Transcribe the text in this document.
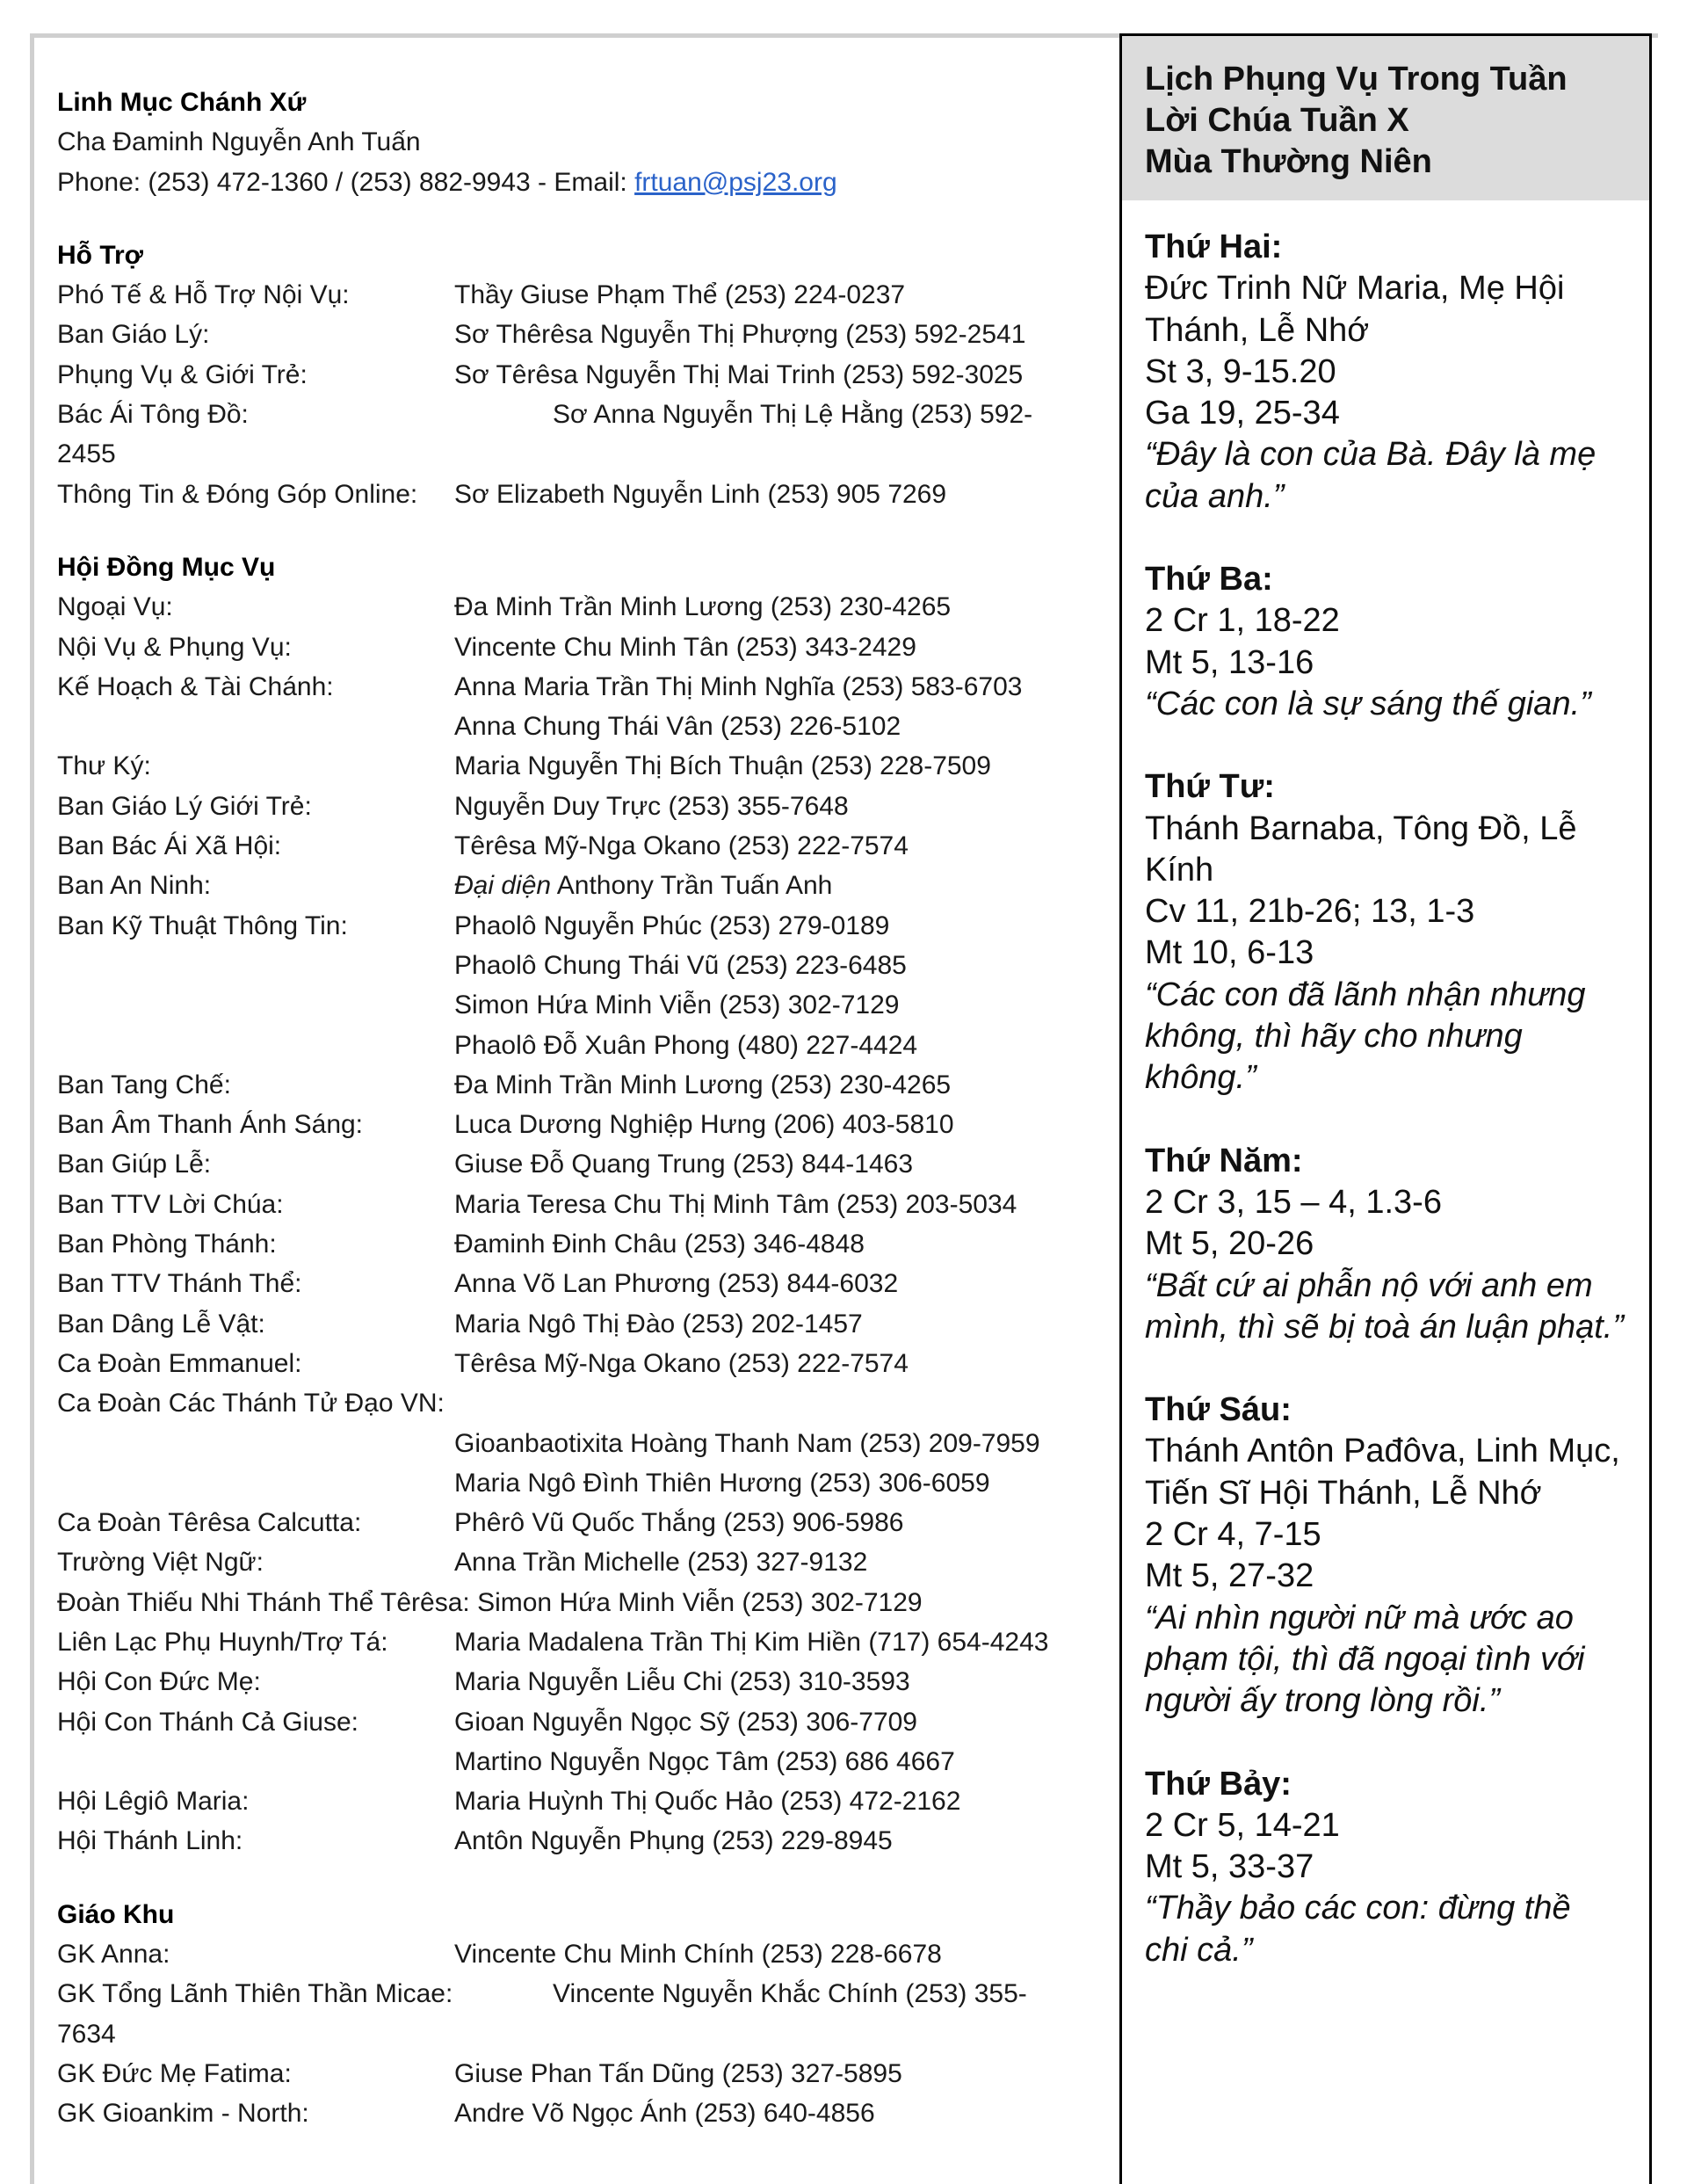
Linh Mục Chánh Xứ
Cha Đaminh Nguyễn Anh Tuấn
Phone: (253) 472-1360 / (253) 882-9943 - Email: frtuan@psj23.org
Hỗ Trợ
Phó Tế & Hỗ Trợ Nội Vụ:	Thầy Giuse Phạm Thể (253) 224-0237
Ban Giáo Lý:	Sơ Thêrêsa Nguyễn Thị Phượng (253) 592-2541
Phụng Vụ & Giới Trẻ:	Sơ Têrêsa Nguyễn Thị Mai Trinh (253) 592-3025
Bác Ái Tông Đồ:	Sơ Anna Nguyễn Thị Lệ Hằng (253) 592-
2455
Thông Tin & Đóng Góp Online:	Sơ Elizabeth Nguyễn Linh (253) 905 7269
Hội Đồng Mục Vụ
Ngoại Vụ:	Đa Minh Trần Minh Lương (253) 230-4265
Nội Vụ & Phụng Vụ:	Vincente Chu Minh Tân (253) 343-2429
Kế Hoạch & Tài Chánh:	Anna Maria Trần Thị Minh Nghĩa (253) 583-6703
Anna Chung Thái Vân (253) 226-5102
Thư Ký:	Maria Nguyễn Thị Bích Thuận (253) 228-7509
Ban Giáo Lý Giới Trẻ:	Nguyễn Duy Trực (253) 355-7648
Ban Bác Ái Xã Hội:	Têrêsa Mỹ-Nga Okano (253) 222-7574
Ban An Ninh:	Đại diện Anthony Trần Tuấn Anh
Ban Kỹ Thuật Thông Tin:	Phaolô Nguyễn Phúc (253) 279-0189
Phaolô Chung Thái Vũ (253) 223-6485
Simon Hứa Minh Viễn (253) 302-7129
Phaolô Đỗ Xuân Phong (480) 227-4424
Ban Tang Chế:	Đa Minh Trần Minh Lương (253) 230-4265
Ban Âm Thanh Ánh Sáng:	Luca Dương Nghiệp Hưng (206) 403-5810
Ban Giúp Lễ:	Giuse Đỗ Quang Trung (253) 844-1463
Ban TTV Lời Chúa:	Maria Teresa Chu Thị Minh Tâm (253) 203-5034
Ban Phòng Thánh:	Đaminh Đinh Châu (253) 346-4848
Ban TTV Thánh Thể:	Anna Võ Lan Phương (253) 844-6032
Ban Dâng Lễ Vật:	Maria Ngô Thị Đào (253) 202-1457
Ca Đoàn Emmanuel:	Têrêsa Mỹ-Nga Okano (253) 222-7574
Ca Đoàn Các Thánh Tử Đạo VN:
Gioanbaotixita Hoàng Thanh Nam (253) 209-7959
Maria Ngô Đình Thiên Hương (253) 306-6059
Ca Đoàn Têrêsa Calcutta:	Phêrô Vũ Quốc Thắng (253) 906-5986
Trường Việt Ngữ:	Anna Trần Michelle (253) 327-9132
Đoàn Thiếu Nhi Thánh Thể Têrêsa: Simon Hứa Minh Viễn (253) 302-7129
Liên Lạc Phụ Huynh/Trợ Tá:	Maria Madalena Trần Thị Kim Hiền (717) 654-4243
Hội Con Đức Mẹ:	Maria Nguyễn Liễu Chi (253) 310-3593
Hội Con Thánh Cả Giuse:	Gioan Nguyễn Ngọc Sỹ (253) 306-7709
Martino Nguyễn Ngọc Tâm (253) 686 4667
Hội Lêgiô Maria:	Maria Huỳnh Thị Quốc Hảo (253) 472-2162
Hội Thánh Linh:	Antôn Nguyễn Phụng (253) 229-8945
Giáo Khu
GK Anna:	Vincente Chu Minh Chính (253) 228-6678
GK Tổng Lãnh Thiên Thần Micae:	Vincente Nguyễn Khắc Chính (253) 355-
7634
GK Đức Mẹ Fatima:	Giuse Phan Tấn Dũng (253) 327-5895
GK Gioankim - North:	Andre Võ Ngọc Ánh (253) 640-4856
Lịch Phụng Vụ Trong Tuần
Lời Chúa Tuần X
Mùa Thường Niên
Thứ Hai:
Đức Trinh Nữ Maria, Mẹ Hội
Thánh, Lễ Nhớ
St 3, 9-15.20
Ga 19, 25-34
“Đây là con của Bà. Đây là mẹ
của anh.”
Thứ Ba:
2 Cr 1, 18-22
Mt 5, 13-16
“Các con là sự sáng thế gian.”
Thứ Tư:
Thánh Barnaba, Tông Đồ, Lễ
Kính
Cv 11, 21b-26; 13, 1-3
Mt 10, 6-13
“Các con đã lãnh nhận nhưng
không, thì hãy cho nhưng
không.”
Thứ Năm:
2 Cr 3, 15 – 4, 1.3-6
Mt 5, 20-26
“Bất cứ ai phẫn nộ với anh em
mình, thì sẽ bị toà án luận phạt.”
Thứ Sáu:
Thánh Antôn Pađôva, Linh Mục,
Tiến Sĩ Hội Thánh, Lễ Nhớ
2 Cr 4, 7-15
Mt 5, 27-32
“Ai nhìn người nữ mà ước ao
phạm tội, thì đã ngoại tình với
người ấy trong lòng rồi.”
Thứ Bảy:
2 Cr 5, 14-21
Mt 5, 33-37
“Thầy bảo các con: đừng thề
chi cả.”
